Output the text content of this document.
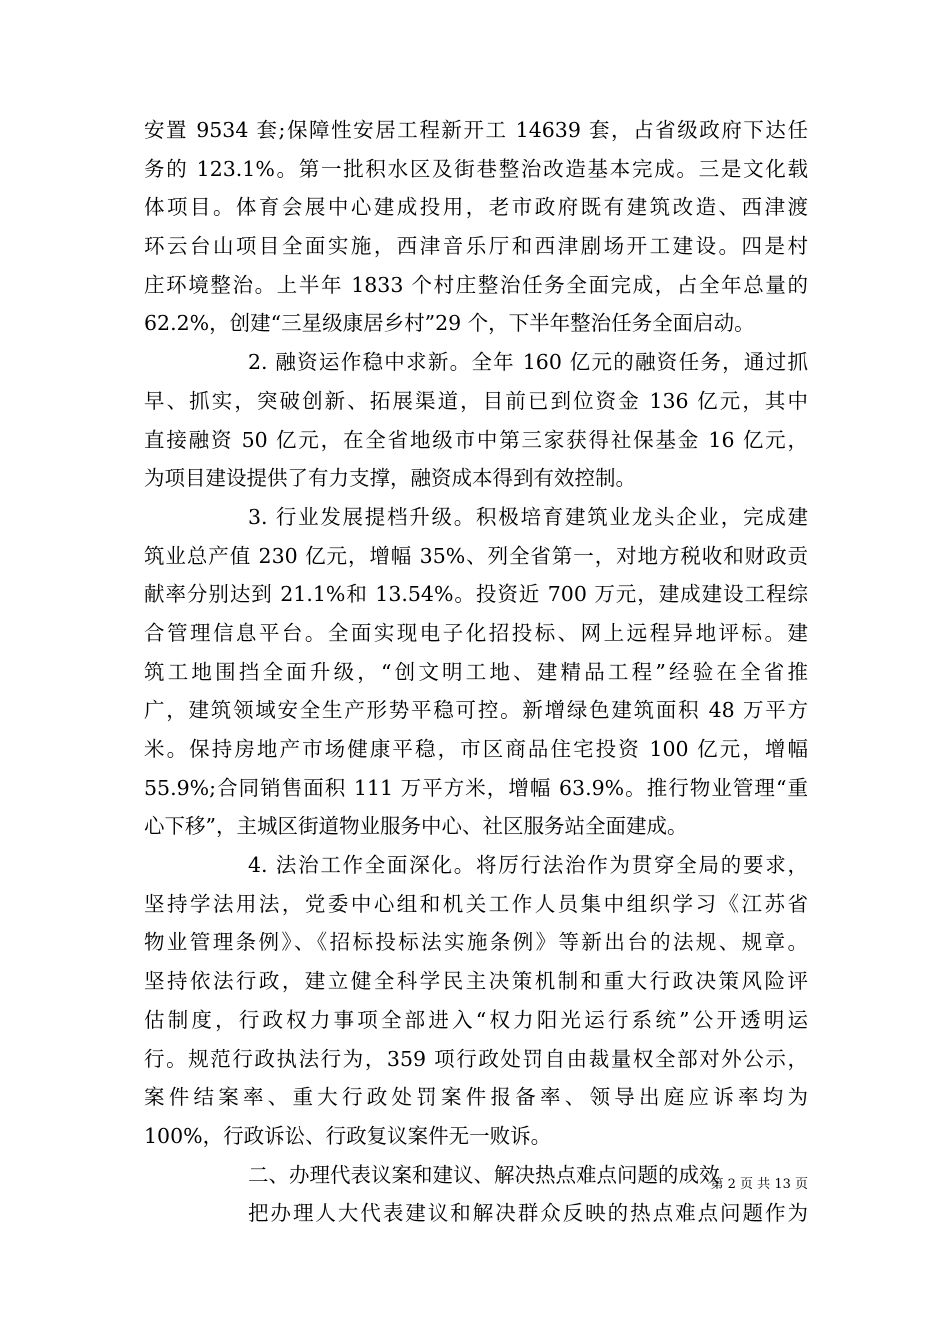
安置 9534 套;保障性安居工程新开工 14639 套，占省级政府下达任
务的 123.1%。第一批积水区及街巷整治改造基本完成。三是文化载
体项目。体育会展中心建成投用，老市政府既有建筑改造、西津渡
环云台山项目全面实施，西津音乐厅和西津剧场开工建设。四是村
庄环境整治。上半年 1833 个村庄整治任务全面完成，占全年总量的
62.2%，创建“三星级康居乡村”29 个，下半年整治任务全面启动。
2. 融资运作稳中求新。全年 160 亿元的融资任务，通过抓
早、抓实，突破创新、拓展渠道，目前已到位资金 136 亿元，其中
直接融资 50 亿元，在全省地级市中第三家获得社保基金 16 亿元，
为项目建设提供了有力支撑，融资成本得到有效控制。
3. 行业发展提档升级。积极培育建筑业龙头企业，完成建
筑业总产值 230 亿元，增幅 35%、列全省第一，对地方税收和财政贡
献率分别达到 21.1%和 13.54%。投资近 700 万元，建成建设工程综
合管理信息平台。全面实现电子化招投标、网上远程异地评标。建
筑工地围挡全面升级，“创文明工地、建精品工程”经验在全省推
广，建筑领域安全生产形势平稳可控。新增绿色建筑面积 48 万平方
米。保持房地产市场健康平稳，市区商品住宅投资 100 亿元，增幅
55.9%;合同销售面积 111 万平方米，增幅 63.9%。推行物业管理“重
心下移”，主城区街道物业服务中心、社区服务站全面建成。
4. 法治工作全面深化。将厉行法治作为贯穿全局的要求，
坚持学法用法，党委中心组和机关工作人员集中组织学习《江苏省
物业管理条例》、《招标投标法实施条例》等新出台的法规、规章。
坚持依法行政，建立健全科学民主决策机制和重大行政决策风险评
估制度，行政权力事项全部进入“权力阳光运行系统”公开透明运
行。规范行政执法行为，359 项行政处罚自由裁量权全部对外公示，
案件结案率、重大行政处罚案件报备率、领导出庭应诉率均为
100%，行政诉讼、行政复议案件无一败诉。
二、办理代表议案和建议、解决热点难点问题的成效
把办理人大代表建议和解决群众反映的热点难点问题作为
第 2 页 共 13 页
